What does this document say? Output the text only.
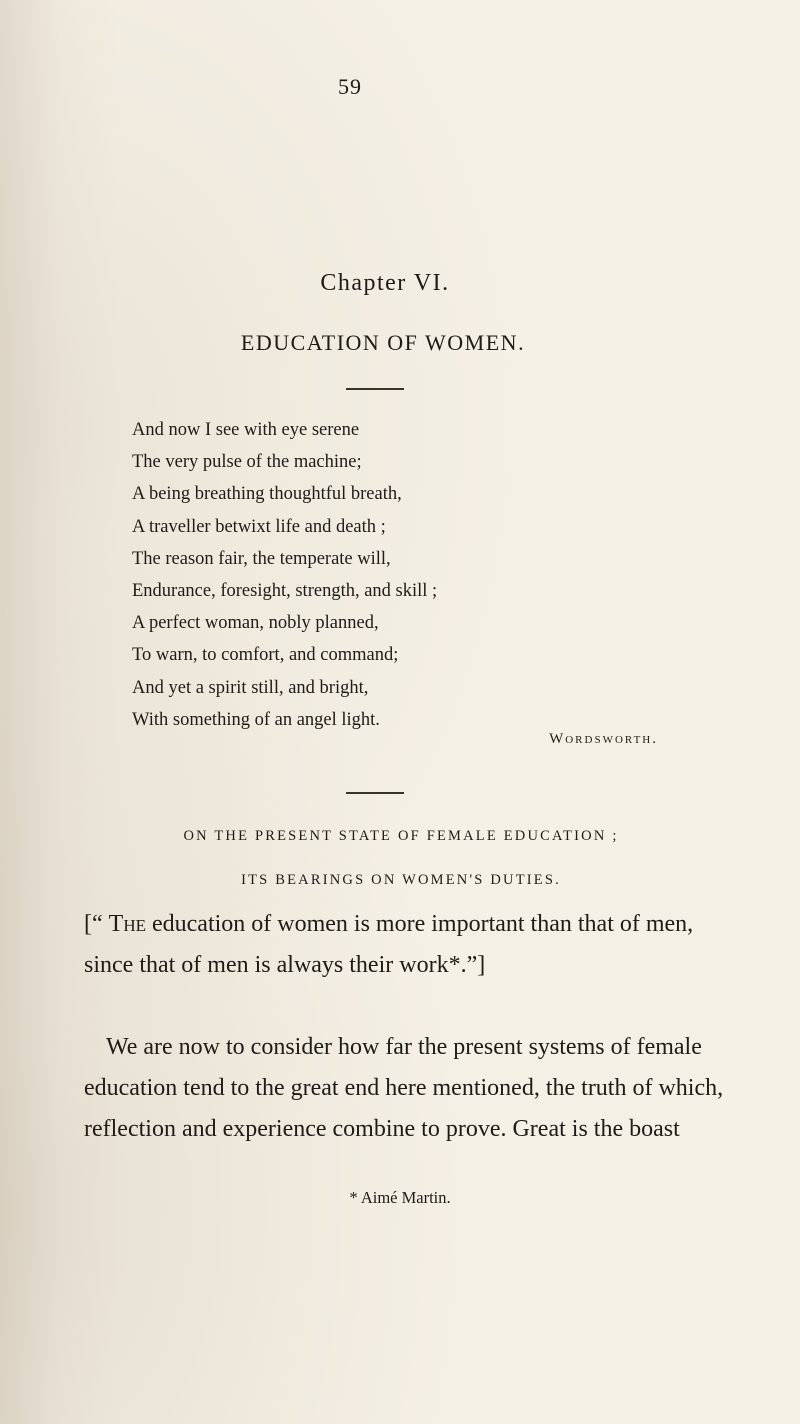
59
Chapter VI.
EDUCATION OF WOMEN.
And now I see with eye serene
The very pulse of the machine;
A being breathing thoughtful breath,
A traveller betwixt life and death ;
The reason fair, the temperate will,
Endurance, foresight, strength, and skill ;
A perfect woman, nobly planned,
To warn, to comfort, and command;
And yet a spirit still, and bright,
With something of an angel light.
Wordsworth.
ON THE PRESENT STATE OF FEMALE EDUCATION ;
ITS BEARINGS ON WOMEN'S DUTIES.
[“ The education of women is more important than that of men, since that of men is always their work*.”]
We are now to consider how far the present systems of female education tend to the great end here mentioned, the truth of which, reflection and experience combine to prove. Great is the boast
* Aimé Martin.
